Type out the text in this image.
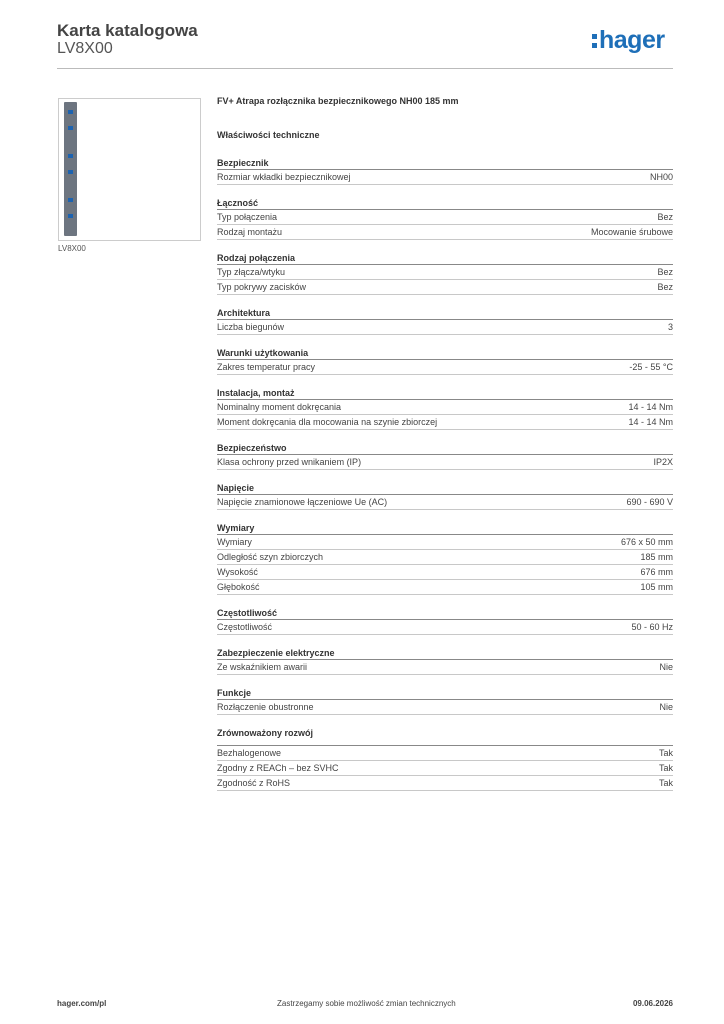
Karta katalogowa
LV8X00	hager
LV8X00
FV+ Atrapa rozłącznika bezpiecznikowego NH00 185 mm
Właściwości techniczne
Bezpiecznik
Rozmiar wkładki bezpiecznikowej	NH00
Łączność
Typ połączenia	Bez
Rodzaj montażu	Mocowanie śrubowe
Rodzaj połączenia
Typ złącza/wtyku	Bez
Typ pokrywy zacisków	Bez
Architektura
Liczba biegunów	3
Warunki użytkowania
Zakres temperatur pracy	-25 - 55 °C
Instalacja, montaż
Nominalny moment dokręcania	14 - 14 Nm
Moment dokręcania dla mocowania na szynie zbiorczej	14 - 14 Nm
Bezpieczeństwo
Klasa ochrony przed wnikaniem (IP)	IP2X
Napięcie
Napięcie znamionowe łączeniowe Ue (AC)	690 - 690 V
Wymiary
Wymiary	676 x 50 mm
Odległość szyn zbiorczych	185 mm
Wysokość	676 mm
Głębokość	105 mm
Częstotliwość
Częstotliwość	50 - 60 Hz
Zabezpieczenie elektryczne
Ze wskaźnikiem awarii	Nie
Funkcje
Rozłączenie obustronne	Nie
Zrównoważony rozwój
Bezhalogenowe	Tak
Zgodny z REACh – bez SVHC	Tak
Zgodność z RoHS	Tak
hager.com/pl	Zastrzegamy sobie możliwość zmian technicznych	09.06.2026
